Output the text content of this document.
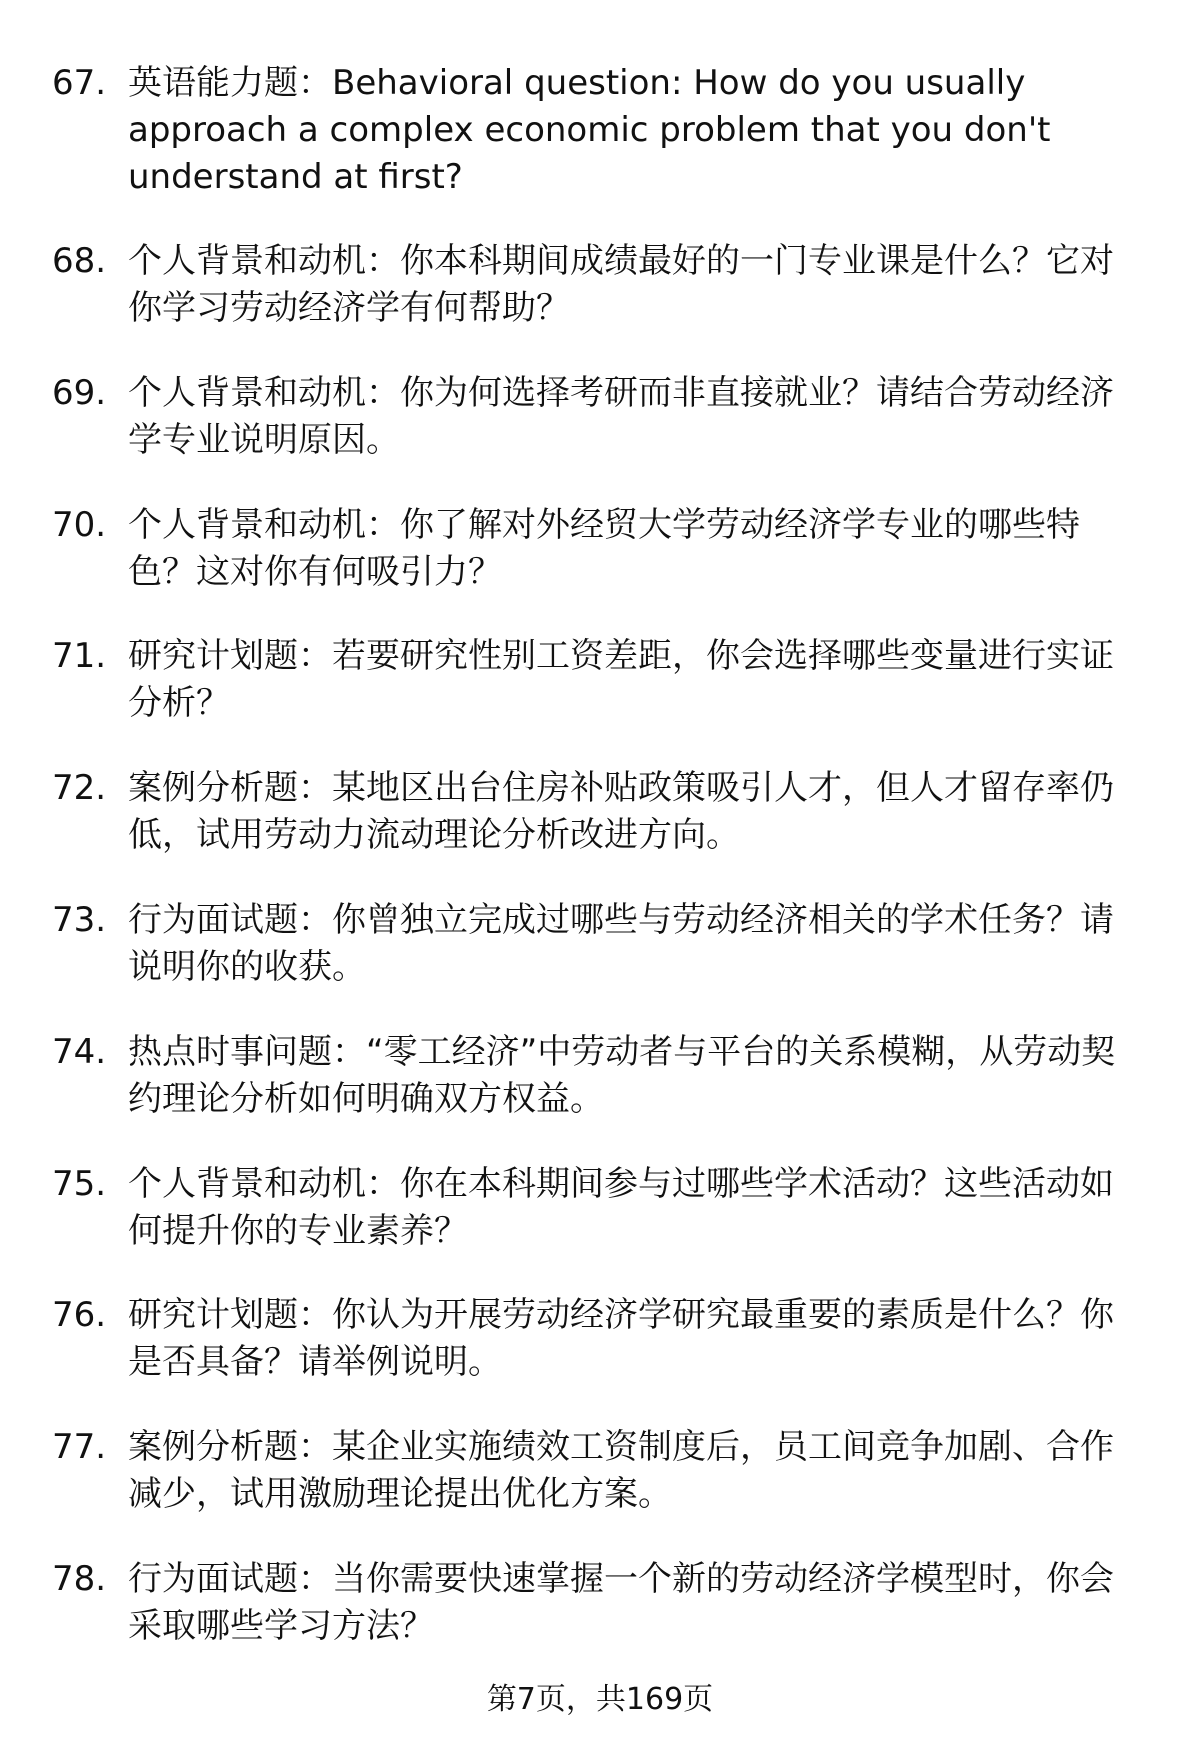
67. 英语能力题：Behavioral question: How do you usually approach a complex economic problem that you don't understand at first?
68. 个人背景和动机：你本科期间成绩最好的一门专业课是什么？它对你学习劳动经济学有何帮助？
69. 个人背景和动机：你为何选择考研而非直接就业？请结合劳动经济学专业说明原因。
70. 个人背景和动机：你了解对外经贸大学劳动经济学专业的哪些特色？这对你有何吸引力？
71. 研究计划题：若要研究性别工资差距，你会选择哪些变量进行实证分析？
72. 案例分析题：某地区出台住房补贴政策吸引人才，但人才留存率仍低，试用劳动力流动理论分析改进方向。
73. 行为面试题：你曾独立完成过哪些与劳动经济相关的学术任务？请说明你的收获。
74. 热点时事问题：“零工经济”中劳动者与平台的关系模糊，从劳动契约理论分析如何明确双方权益。
75. 个人背景和动机：你在本科期间参与过哪些学术活动？这些活动如何提升你的专业素养？
76. 研究计划题：你认为开展劳动经济学研究最重要的素质是什么？你是否具备？请举例说明。
77. 案例分析题：某企业实施绩效工资制度后，员工间竞争加剧、合作减少，试用激励理论提出优化方案。
78. 行为面试题：当你需要快速掌握一个新的劳动经济学模型时，你会采取哪些学习方法？
第7页，共169页
